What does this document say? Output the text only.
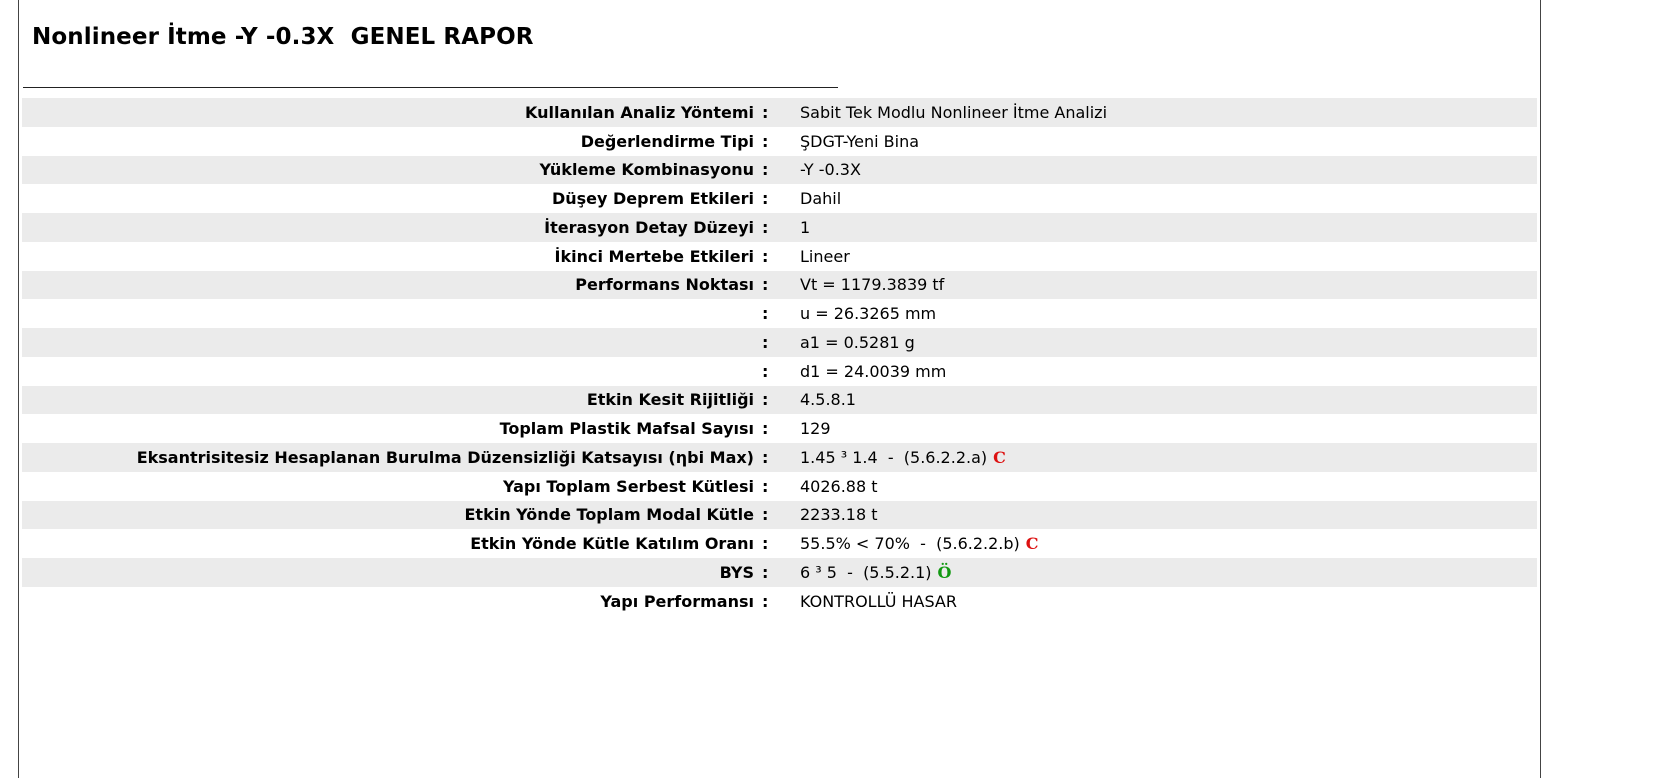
Nonlineer İtme -Y -0.3X  GENEL RAPOR
Kullanılan Analiz Yöntemi :	Sabit Tek Modlu Nonlineer İtme Analizi
Değerlendirme Tipi :	ŞDGT-Yeni Bina
Yükleme Kombinasyonu :	-Y -0.3X
Düşey Deprem Etkileri :	Dahil
İterasyon Detay Düzeyi :	1
İkinci Mertebe Etkileri :	Lineer
Performans Noktası :	Vt = 1179.3839 tf
:	u = 26.3265 mm
:	a1 = 0.5281 g
:	d1 = 24.0039 mm
Etkin Kesit Rijitliği :	4.5.8.1
Toplam Plastik Mafsal Sayısı :	129
Eksantrisitesiz Hesaplanan Burulma Düzensizliği Katsayısı (ηbi Max) :	1.45 ³ 1.4  -  (5.6.2.2.a) C
Yapı Toplam Serbest Kütlesi :	4026.88 t
Etkin Yönde Toplam Modal Kütle :	2233.18 t
Etkin Yönde Kütle Katılım Oranı :	55.5% < 70%  -  (5.6.2.2.b) C
BYS :	6 ³ 5  -  (5.5.2.1) Ö
Yapı Performansı :	KONTROLLÜ HASAR
